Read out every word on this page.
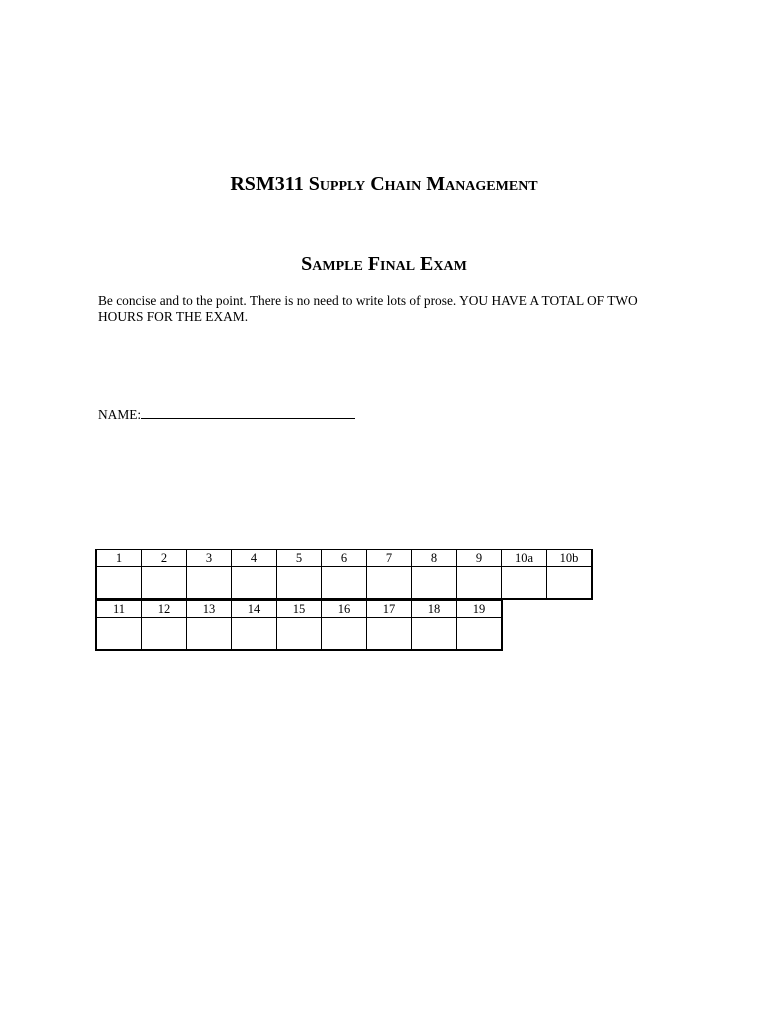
RSM311 Supply Chain Management
Sample Final Exam

Be concise and to the point. There is no need to write lots of prose. YOU HAVE A TOTAL OF TWO HOURS FOR THE EXAM.

NAME:

1	2	3	4	5	6	7	8	9	10a	10b

11	12	13	14	15	16	17	18	19
